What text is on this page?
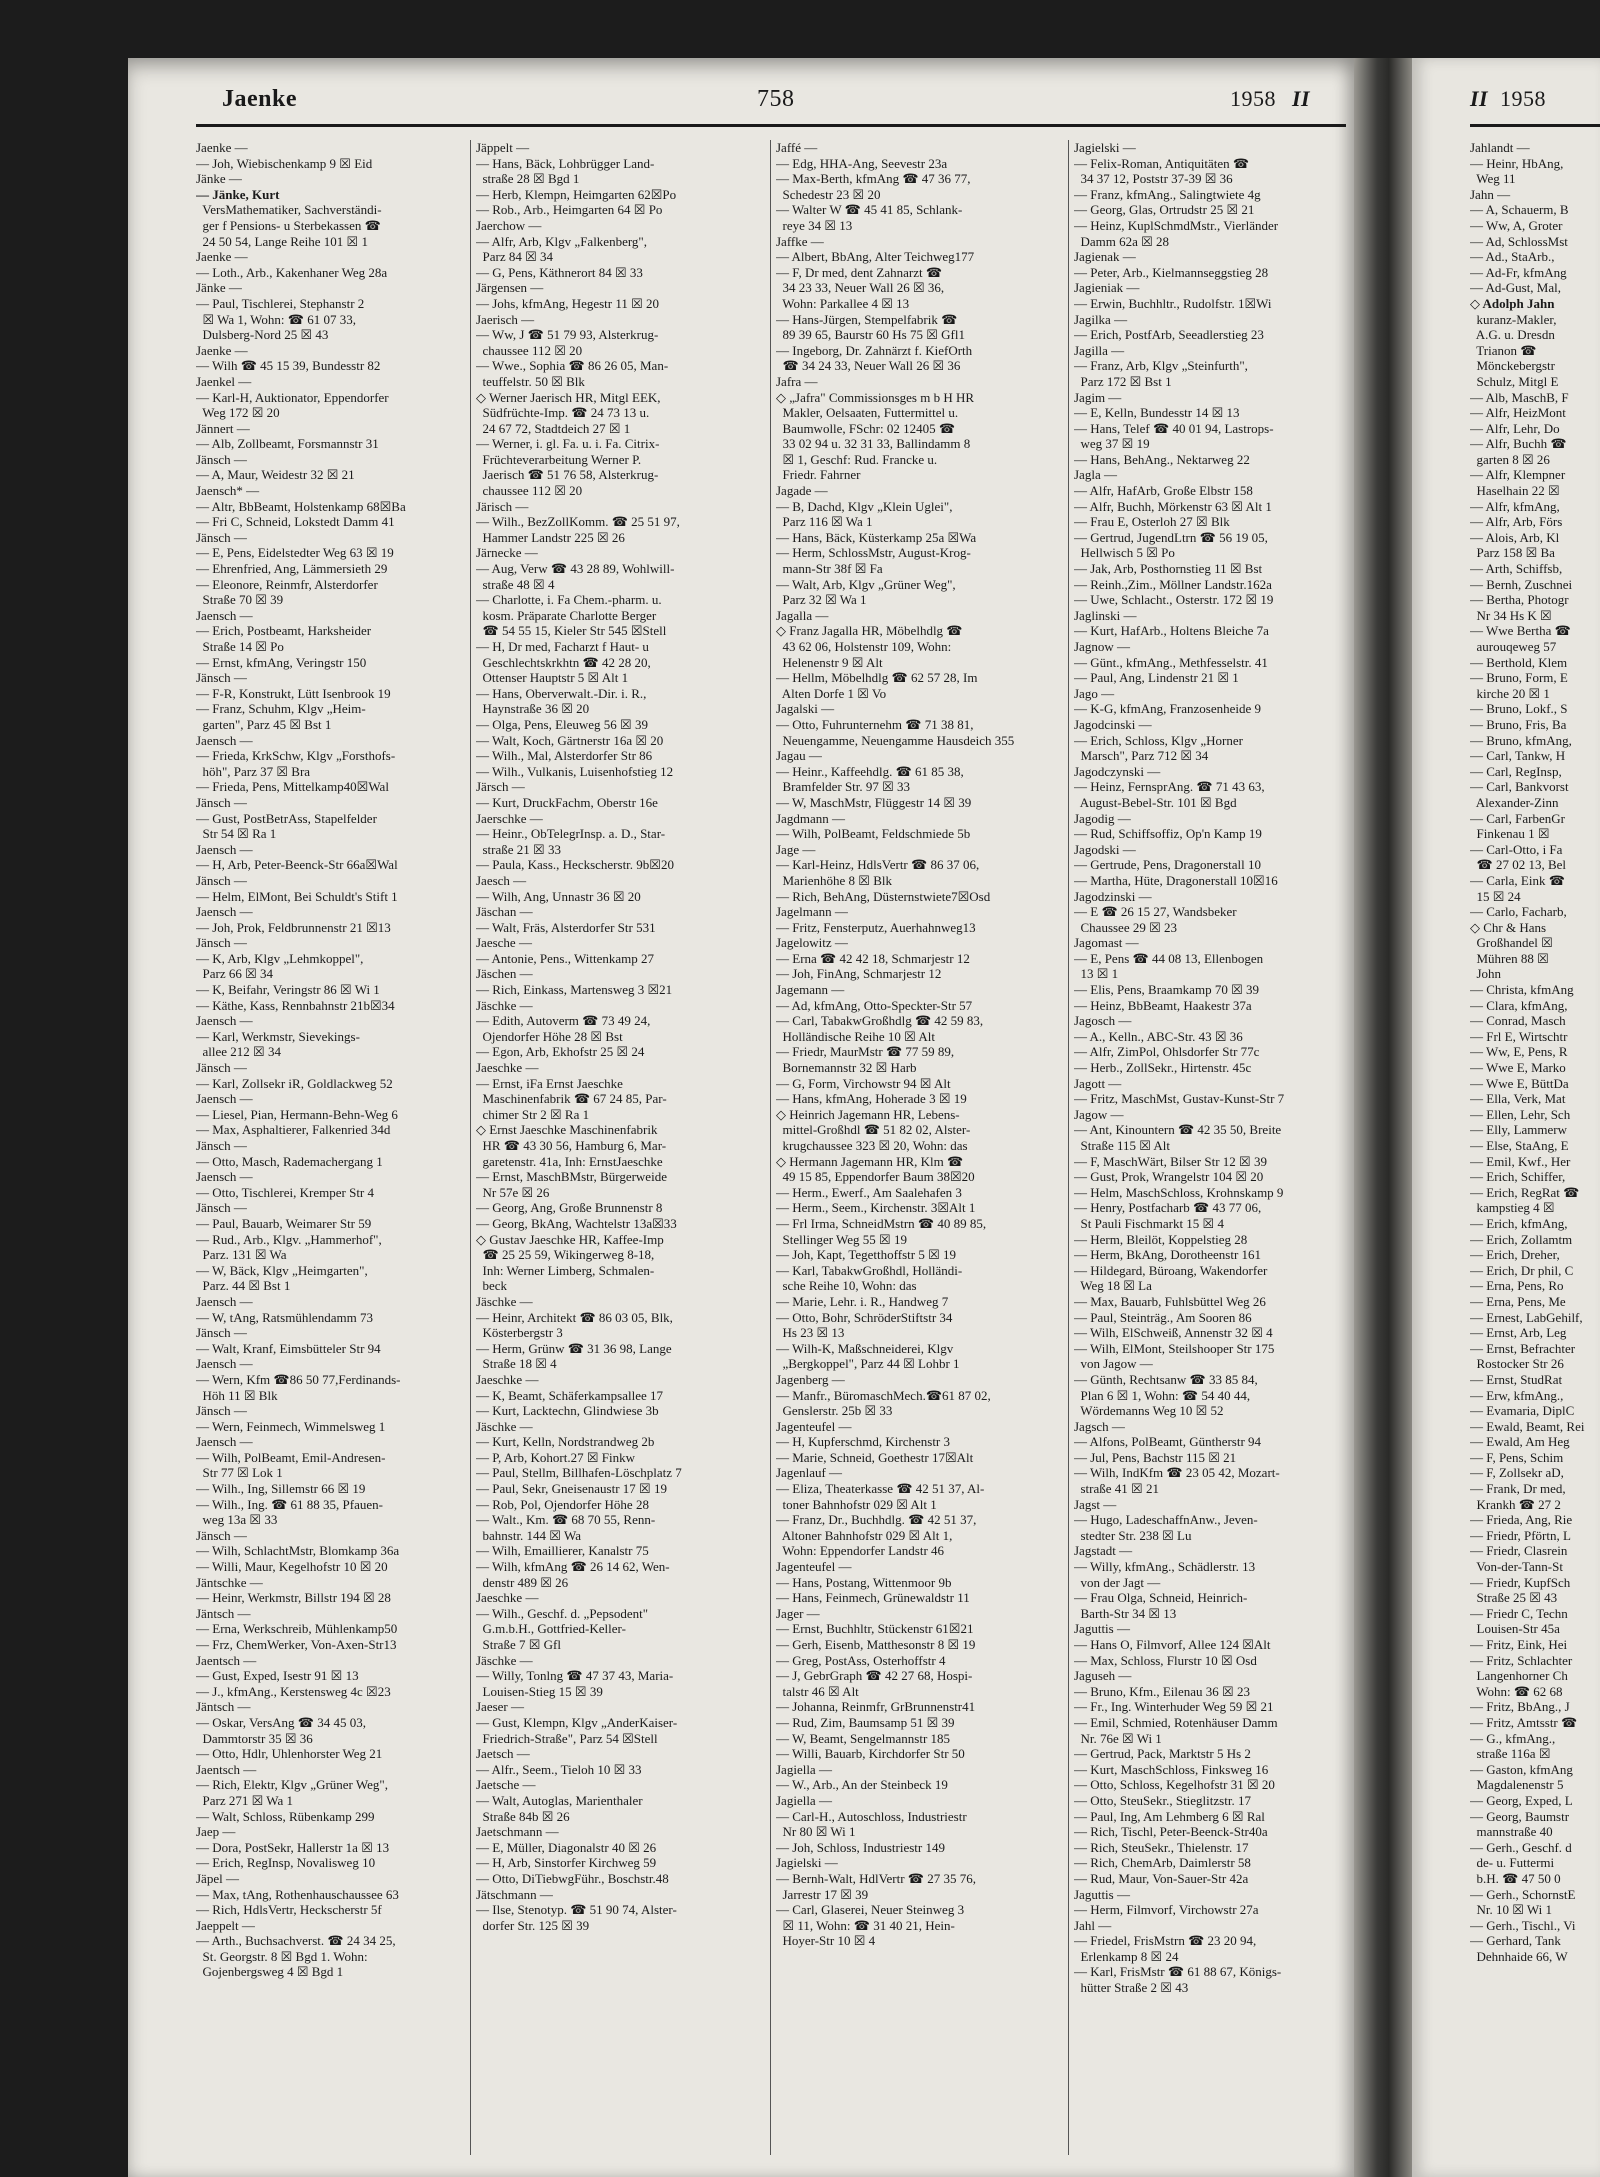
Jaenke	758	1958 II	II 1958
Jaenke —
— Joh, Wiebischenkamp 9 ☒ Eid
Jänke —
— Jänke, Kurt
VersMathematiker, Sachverständi-
ger f Pensions- u Sterbekassen ☎
24 50 54, Lange Reihe 101 ☒ 1
Jaenke —
— Loth., Arb., Kakenhaner Weg 28a
Jänke —
— Paul, Tischlerei, Stephanstr 2
☒ Wa 1, Wohn: ☎ 61 07 33,
Dulsberg-Nord 25 ☒ 43
Jaenke —
— Wilh ☎ 45 15 39, Bundesstr 82
Jaenkel —
— Karl-H, Auktionator, Eppendorfer
Weg 172 ☒ 20
Jännert —
— Alb, Zollbeamt, Forsmannstr 31
Jänsch —
— A, Maur, Weidestr 32 ☒ 21
Jaensch* —
— Altr, BbBeamt, Holstenkamp 68☒Ba
— Fri C, Schneid, Lokstedt Damm 41
Jänsch —
— E, Pens, Eidelstedter Weg 63 ☒ 19
— Ehrenfried, Ang, Lämmersieth 29
— Eleonore, Reinmfr, Alsterdorfer
Straße 70 ☒ 39
Jaensch —
— Erich, Postbeamt, Harksheider
Straße 14 ☒ Po
— Ernst, kfmAng, Veringstr 150
Jänsch —
— F-R, Konstrukt, Lütt Isenbrook 19
— Franz, Schuhm, Klgv „Heim-
garten", Parz 45 ☒ Bst 1
Jaensch —
— Frieda, KrkSchw, Klgv „Forsthofs-
höh", Parz 37 ☒ Bra
— Frieda, Pens, Mittelkamp40☒Wal
Jänsch —
— Gust, PostBetrAss, Stapelfelder
Str 54 ☒ Ra 1
Jaensch —
— H, Arb, Peter-Beenck-Str 66a☒Wal
Jänsch —
— Helm, ElMont, Bei Schuldt's Stift 1
Jaensch —
— Joh, Prok, Feldbrunnenstr 21 ☒13
Jänsch —
— K, Arb, Klgv „Lehmkoppel",
Parz 66 ☒ 34
— K, Beifahr, Veringstr 86 ☒ Wi 1
— Käthe, Kass, Rennbahnstr 21b☒34
Jaensch —
— Karl, Werkmstr, Sievekings-
allee 212 ☒ 34
Jänsch —
— Karl, Zollsekr iR, Goldlackweg 52
Jaensch —
— Liesel, Pian, Hermann-Behn-Weg 6
— Max, Asphaltierer, Falkenried 34d
Jänsch —
— Otto, Masch, Rademachergang 1
Jaensch —
— Otto, Tischlerei, Kremper Str 4
Jänsch —
— Paul, Bauarb, Weimarer Str 59
— Rud., Arb., Klgv. „Hammerhof",
Parz. 131 ☒ Wa
— W, Bäck, Klgv „Heimgarten",
Parz. 44 ☒ Bst 1
Jaensch —
— W, tAng, Ratsmühlendamm 73
Jänsch —
— Walt, Kranf, Eimsbütteler Str 94
Jaensch —
— Wern, Kfm ☎86 50 77,Ferdinands-
Höh 11 ☒ Blk
Jänsch —
— Wern, Feinmech, Wimmelsweg 1
Jaensch —
— Wilh, PolBeamt, Emil-Andresen-
Str 77 ☒ Lok 1
— Wilh., Ing, Sillemstr 66 ☒ 19
— Wilh., Ing. ☎ 61 88 35, Pfauen-
weg 13a ☒ 33
Jänsch —
— Wilh, SchlachtMstr, Blomkamp 36a
— Willi, Maur, Kegelhofstr 10 ☒ 20
Jäntschke —
— Heinr, Werkmstr, Billstr 194 ☒ 28
Jäntsch —
— Erna, Werkschreib, Mühlenkamp50
— Frz, ChemWerker, Von-Axen-Str13
Jaentsch —
— Gust, Exped, Isestr 91 ☒ 13
— J., kfmAng., Kerstensweg 4c ☒23
Jäntsch —
— Oskar, VersAng ☎ 34 45 03,
Dammtorstr 35 ☒ 36
— Otto, Hdlr, Uhlenhorster Weg 21
Jaentsch —
— Rich, Elektr, Klgv „Grüner Weg",
Parz 271 ☒ Wa 1
— Walt, Schloss, Rübenkamp 299
Jaep —
— Dora, PostSekr, Hallerstr 1a ☒ 13
— Erich, RegInsp, Novalisweg 10
Jäpel —
— Max, tAng, Rothenhauschaussee 63
— Rich, HdlsVertr, Heckscherstr 5f
Jaeppelt —
— Arth., Buchsachverst. ☎ 24 34 25,
St. Georgstr. 8 ☒ Bgd 1. Wohn:
Gojenbergsweg 4 ☒ Bgd 1
Jäppelt —
— Hans, Bäck, Lohbrügger Land-
straße 28 ☒ Bgd 1
— Herb, Klempn, Heimgarten 62☒Po
— Rob., Arb., Heimgarten 64 ☒ Po
Jaerchow —
— Alfr, Arb, Klgv „Falkenberg",
Parz 84 ☒ 34
— G, Pens, Käthnerort 84 ☒ 33
Järgensen —
— Johs, kfmAng, Hegestr 11 ☒ 20
Jaerisch —
— Ww, J ☎ 51 79 93, Alsterkrug-
chaussee 112 ☒ 20
— Wwe., Sophia ☎ 86 26 05, Man-
teuffelstr. 50 ☒ Blk
◇ Werner Jaerisch HR, Mitgl EEK,
Südfrüchte-Imp. ☎ 24 73 13 u.
24 67 72, Stadtdeich 27 ☒ 1
— Werner, i. gl. Fa. u. i. Fa. Citrix-
Früchteverarbeitung Werner P.
Jaerisch ☎ 51 76 58, Alsterkrug-
chaussee 112 ☒ 20
Järisch —
— Wilh., BezZollKomm. ☎ 25 51 97,
Hammer Landstr 225 ☒ 26
Järnecke —
— Aug, Verw ☎ 43 28 89, Wohlwill-
straße 48 ☒ 4
— Charlotte, i. Fa Chem.-pharm. u.
kosm. Präparate Charlotte Berger
☎ 54 55 15, Kieler Str 545 ☒Stell
— H, Dr med, Facharzt f Haut- u
Geschlechtskrkhtn ☎ 42 28 20,
Ottenser Hauptstr 5 ☒ Alt 1
— Hans, Oberverwalt.-Dir. i. R.,
Haynstraße 36 ☒ 20
— Olga, Pens, Eleuweg 56 ☒ 39
— Walt, Koch, Gärtnerstr 16a ☒ 20
— Wilh., Mal, Alsterdorfer Str 86
— Wilh., Vulkanis, Luisenhofstieg 12
Järsch —
— Kurt, DruckFachm, Oberstr 16e
Jaerschke —
— Heinr., ObTelegrInsp. a. D., Star-
straße 21 ☒ 33
— Paula, Kass., Heckscherstr. 9b☒20
Jaesch —
— Wilh, Ang, Unnastr 36 ☒ 20
Jäschan —
— Walt, Fräs, Alsterdorfer Str 531
Jaesche —
— Antonie, Pens., Wittenkamp 27
Jäschen —
— Rich, Einkass, Martensweg 3 ☒21
Jäschke —
— Edith, Autoverm ☎ 73 49 24,
Ojendorfer Höhe 28 ☒ Bst
— Egon, Arb, Ekhofstr 25 ☒ 24
Jaeschke —
— Ernst, iFa Ernst Jaeschke
Maschinenfabrik ☎ 67 24 85, Par-
chimer Str 2 ☒ Ra 1
◇ Ernst Jaeschke Maschinenfabrik
HR ☎ 43 30 56, Hamburg 6, Mar-
garetenstr. 41a, Inh: ErnstJaeschke
— Ernst, MaschBMstr, Bürgerweide
Nr 57e ☒ 26
— Georg, Ang, Große Brunnenstr 8
— Georg, BkAng, Wachtelstr 13a☒33
◇ Gustav Jaeschke HR, Kaffee-Imp
☎ 25 25 59, Wikingerweg 8-18,
Inh: Werner Limberg, Schmalen-
beck
Jäschke —
— Heinr, Architekt ☎ 86 03 05, Blk,
Kösterbergstr 3
— Herm, Grünw ☎ 31 36 98, Lange
Straße 18 ☒ 4
Jaeschke —
— K, Beamt, Schäferkampsallee 17
— Kurt, Lacktechn, Glindwiese 3b
Jäschke —
— Kurt, Kelln, Nordstrandweg 2b
— P, Arb, Kohort.27 ☒ Finkw
— Paul, Stellm, Billhafen-Löschplatz 7
— Paul, Sekr, Gneisenaustr 17 ☒ 19
— Rob, Pol, Ojendorfer Höhe 28
— Walt., Km. ☎ 68 70 55, Renn-
bahnstr. 144 ☒ Wa
— Wilh, Emaillierer, Kanalstr 75
— Wilh, kfmAng ☎ 26 14 62, Wen-
denstr 489 ☒ 26
Jaeschke —
— Wilh., Geschf. d. „Pepsodent"
G.m.b.H., Gottfried-Keller-
Straße 7 ☒ Gfl
Jäschke —
— Willy, Tonlng ☎ 47 37 43, Maria-
Louisen-Stieg 15 ☒ 39
Jaeser —
— Gust, Klempn, Klgv „AnderKaiser-
Friedrich-Straße", Parz 54 ☒Stell
Jaetsch —
— Alfr., Seem., Tieloh 10 ☒ 33
Jaetsche —
— Walt, Autoglas, Marienthaler
Straße 84b ☒ 26
Jaetschmann —
— E, Müller, Diagonalstr 40 ☒ 26
— H, Arb, Sinstorfer Kirchweg 59
— Otto, DiTiebwgFühr., Boschstr.48
Jätschmann —
— Ilse, Stenotyp. ☎ 51 90 74, Alster-
dorfer Str. 125 ☒ 39
Jaffé —
— Edg, HHA-Ang, Seevestr 23a
— Max-Berth, kfmAng ☎ 47 36 77,
Schedestr 23 ☒ 20
— Walter W ☎ 45 41 85, Schlank-
reye 34 ☒ 13
Jaffke —
— Albert, BbAng, Alter Teichweg177
— F, Dr med, dent Zahnarzt ☎
34 23 33, Neuer Wall 26 ☒ 36,
Wohn: Parkallee 4 ☒ 13
— Hans-Jürgen, Stempelfabrik ☎
89 39 65, Baurstr 60 Hs 75 ☒ Gfl1
— Ingeborg, Dr. Zahnärzt f. KiefOrth
☎ 34 24 33, Neuer Wall 26 ☒ 36
Jafra —
◇ „Jafra" Commissionsges m b H HR
Makler, Oelsaaten, Futtermittel u.
Baumwolle, FSchr: 02 12405 ☎
33 02 94 u. 32 31 33, Ballindamm 8
☒ 1, Geschf: Rud. Francke u.
Friedr. Fahrner
Jagade —
— B, Dachd, Klgv „Klein Uglei",
Parz 116 ☒ Wa 1
— Hans, Bäck, Küsterkamp 25a ☒Wa
— Herm, SchlossMstr, August-Krog-
mann-Str 38f ☒ Fa
— Walt, Arb, Klgv „Grüner Weg",
Parz 32 ☒ Wa 1
Jagalla —
◇ Franz Jagalla HR, Möbelhdlg ☎
43 62 06, Holstenstr 109, Wohn:
Helenenstr 9 ☒ Alt
— Hellm, Möbelhdlg ☎ 62 57 28, Im
Alten Dorfe 1 ☒ Vo
Jagalski —
— Otto, Fuhrunternehm ☎ 71 38 81,
Neuengamme, Neuengamme Hausdeich 355
Jagau —
— Heinr., Kaffeehdlg. ☎ 61 85 38,
Bramfelder Str. 97 ☒ 33
— W, MaschMstr, Flüggestr 14 ☒ 39
Jagdmann —
— Wilh, PolBeamt, Feldschmiede 5b
Jage —
— Karl-Heinz, HdlsVertr ☎ 86 37 06,
Marienhöhe 8 ☒ Blk
— Rich, BehAng, Düsternstwiete7☒Osd
Jagelmann —
— Fritz, Fensterputz, Auerhahnweg13
Jagelowitz —
— Erna ☎ 42 42 18, Schmarjestr 12
— Joh, FinAng, Schmarjestr 12
Jagemann —
— Ad, kfmAng, Otto-Speckter-Str 57
— Carl, TabakwGroßhdlg ☎ 42 59 83,
Holländische Reihe 10 ☒ Alt
— Friedr, MaurMstr ☎ 77 59 89,
Bornemannstr 32 ☒ Harb
— G, Form, Virchowstr 94 ☒ Alt
— Hans, kfmAng, Hoherade 3 ☒ 19
◇ Heinrich Jagemann HR, Lebens-
mittel-Großhdl ☎ 51 82 02, Alster-
krugchaussee 323 ☒ 20, Wohn: das
◇ Hermann Jagemann HR, Klm ☎
49 15 85, Eppendorfer Baum 38☒20
— Herm., Ewerf., Am Saalehafen 3
— Herm., Seem., Kirchenstr. 3☒Alt 1
— Frl Irma, SchneidMstrn ☎ 40 89 85,
Stellinger Weg 55 ☒ 19
— Joh, Kapt, Tegetthoffstr 5 ☒ 19
— Karl, TabakwGroßhdl, Holländi-
sche Reihe 10, Wohn: das
— Marie, Lehr. i. R., Handweg 7
— Otto, Bohr, SchröderStiftstr 34
Hs 23 ☒ 13
— Wilh-K, Maßschneiderei, Klgv
„Bergkoppel", Parz 44 ☒ Lohbr 1
Jagenberg —
— Manfr., BüromaschMech.☎61 87 02,
Genslerstr. 25b ☒ 33
Jagenteufel —
— H, Kupferschmd, Kirchenstr 3
— Marie, Schneid, Goethestr 17☒Alt
Jagenlauf —
— Eliza, Theaterkasse ☎ 42 51 37, Al-
toner Bahnhofstr 029 ☒ Alt 1
— Franz, Dr., Buchhdlg. ☎ 42 51 37,
Altoner Bahnhofstr 029 ☒ Alt 1,
Wohn: Eppendorfer Landstr 46
Jagenteufel —
— Hans, Postang, Wittenmoor 9b
— Hans, Feinmech, Grünewaldstr 11
Jager —
— Ernst, Buchhltr, Stückenstr 61☒21
— Gerh, Eisenb, Matthesonstr 8 ☒ 19
— Greg, PostAss, Osterhoffstr 4
— J, GebrGraph ☎ 42 27 68, Hospi-
talstr 46 ☒ Alt
— Johanna, Reinmfr, GrBrunnenstr41
— Rud, Zim, Baumsamp 51 ☒ 39
— W, Beamt, Sengelmannstr 185
— Willi, Bauarb, Kirchdorfer Str 50
Jagiella —
— W., Arb., An der Steinbeck 19
Jagiella —
— Carl-H., Autoschloss, Industriestr
Nr 80 ☒ Wi 1
— Joh, Schloss, Industriestr 149
Jagielski —
— Bernh-Walt, HdlVertr ☎ 27 35 76,
Jarrestr 17 ☒ 39
— Carl, Glaserei, Neuer Steinweg 3
☒ 11, Wohn: ☎ 31 40 21, Hein-
Hoyer-Str 10 ☒ 4
Jagielski —
— Felix-Roman, Antiquitäten ☎
34 37 12, Poststr 37-39 ☒ 36
— Franz, kfmAng., Salingtwiete 4g
— Georg, Glas, Ortrudstr 25 ☒ 21
— Heinz, KuplSchmdMstr., Vierländer
Damm 62a ☒ 28
Jagienak —
— Peter, Arb., Kielmannseggstieg 28
Jagieniak —
— Erwin, Buchhltr., Rudolfstr. 1☒Wi
Jagilka —
— Erich, PostfArb, Seeadlerstieg 23
Jagilla —
— Franz, Arb, Klgv „Steinfurth",
Parz 172 ☒ Bst 1
Jagim —
— E, Kelln, Bundesstr 14 ☒ 13
— Hans, Telef ☎ 40 01 94, Lastrops-
weg 37 ☒ 19
— Hans, BehAng., Nektarweg 22
Jagla —
— Alfr, HafArb, Große Elbstr 158
— Alfr, Buchh, Mörkenstr 63 ☒ Alt 1
— Frau E, Osterloh 27 ☒ Blk
— Gertrud, JugendLtrn ☎ 56 19 05,
Hellwisch 5 ☒ Po
— Jak, Arb, Posthornstieg 11 ☒ Bst
— Reinh.,Zim., Möllner Landstr.162a
— Uwe, Schlacht., Osterstr. 172 ☒ 19
Jaglinski —
— Kurt, HafArb., Holtens Bleiche 7a
Jagnow —
— Günt., kfmAng., Methfesselstr. 41
— Paul, Ang, Lindenstr 21 ☒ 1
Jago —
— K-G, kfmAng, Franzosenheide 9
Jagodcinski —
— Erich, Schloss, Klgv „Horner
Marsch", Parz 712 ☒ 34
Jagodczynski —
— Heinz, FernsprAng. ☎ 71 43 63,
August-Bebel-Str. 101 ☒ Bgd
Jagodig —
— Rud, Schiffsoffiz, Op'n Kamp 19
Jagodski —
— Gertrude, Pens, Dragonerstall 10
— Martha, Hüte, Dragonerstall 10☒16
Jagodzinski —
— E ☎ 26 15 27, Wandsbeker
Chaussee 29 ☒ 23
Jagomast —
— E, Pens ☎ 44 08 13, Ellenbogen
13 ☒ 1
— Elis, Pens, Braamkamp 70 ☒ 39
— Heinz, BbBeamt, Haakestr 37a
Jagosch —
— A., Kelln., ABC-Str. 43 ☒ 36
— Alfr, ZimPol, Ohlsdorfer Str 77c
— Herb., ZollSekr., Hirtenstr. 45c
Jagott —
— Fritz, MaschMst, Gustav-Kunst-Str 7
Jagow —
— Ant, Kinountern ☎ 42 35 50, Breite
Straße 115 ☒ Alt
— F, MaschWärt, Bilser Str 12 ☒ 39
— Gust, Prok, Wrangelstr 104 ☒ 20
— Helm, MaschSchloss, Krohnskamp 9
— Henry, Postfacharb ☎ 43 77 06,
St Pauli Fischmarkt 15 ☒ 4
— Herm, Bleilöt, Koppelstieg 28
— Herm, BkAng, Dorotheenstr 161
— Hildegard, Büroang, Wakendorfer
Weg 18 ☒ La
— Max, Bauarb, Fuhlsbüttel Weg 26
— Paul, Steinträg., Am Sooren 86
— Wilh, ElSchweiß, Annenstr 32 ☒ 4
— Wilh, ElMont, Steilshooper Str 175
von Jagow —
— Günth, Rechtsanw ☎ 33 85 84,
Plan 6 ☒ 1, Wohn: ☎ 54 40 44,
Wördemanns Weg 10 ☒ 52
Jagsch —
— Alfons, PolBeamt, Güntherstr 94
— Jul, Pens, Bachstr 115 ☒ 21
— Wilh, IndKfm ☎ 23 05 42, Mozart-
straße 41 ☒ 21
Jagst —
— Hugo, LadeschaffnAnw., Jeven-
stedter Str. 238 ☒ Lu
Jagstadt —
— Willy, kfmAng., Schädlerstr. 13
von der Jagt —
— Frau Olga, Schneid, Heinrich-
Barth-Str 34 ☒ 13
Jaguttis —
— Hans O, Filmvorf, Allee 124 ☒Alt
— Max, Schloss, Flurstr 10 ☒ Osd
Jaguseh —
— Bruno, Kfm., Eilenau 36 ☒ 23
— Fr., Ing. Winterhuder Weg 59 ☒ 21
— Emil, Schmied, Rotenhäuser Damm
Nr. 76e ☒ Wi 1
— Gertrud, Pack, Marktstr 5 Hs 2
— Kurt, MaschSchloss, Finksweg 16
— Otto, Schloss, Kegelhofstr 31 ☒ 20
— Otto, SteuSekr., Stieglitzstr. 17
— Paul, Ing, Am Lehmberg 6 ☒ Ral
— Rich, Tischl, Peter-Beenck-Str40a
— Rich, SteuSekr., Thielenstr. 17
— Rich, ChemArb, Daimlerstr 58
— Rud, Maur, Von-Sauer-Str 42a
Jaguttis —
— Herm, Filmvorf, Virchowstr 27a
Jahl —
— Friedel, FrisMstrn ☎ 23 20 94,
Erlenkamp 8 ☒ 24
— Karl, FrisMstr ☎ 61 88 67, Königs-
hütter Straße 2 ☒ 43
Jahlandt —
— Heinr, HbAng,
Weg 11
Jahn —
— A, Schauerm, B
— Ww, A, Groter
— Ad, SchlossMst
— Ad., StaArb.,
— Ad-Fr, kfmAng
— Ad-Gust, Mal,
◇ Adolph Jahn
kuranz-Makler,
A.G. u. Dresdn
Trianon ☎
Mönckebergstr
Schulz, Mitgl E
— Alb, MaschB, F
— Alfr, HeizMont
— Alfr, Lehr, Do
— Alfr, Buchh ☎
garten 8 ☒ 26
— Alfr, Klempner
Haselhain 22 ☒
— Alfr, kfmAng,
— Alfr, Arb, Förs
— Alois, Arb, Kl
Parz 158 ☒ Ba
— Arth, Schiffsb,
— Bernh, Zuschnei
— Bertha, Photogr
Nr 34 Hs K ☒
— Wwe Bertha ☎
aurouqeweg 57
— Berthold, Klem
— Bruno, Form, E
kirche 20 ☒ 1
— Bruno, Lokf., S
— Bruno, Fris, Ba
— Bruno, kfmAng,
— Carl, Tankw, H
— Carl, RegInsp,
— Carl, Bankvorst
Alexander-Zinn
— Carl, FarbenGr
Finkenau 1 ☒
— Carl-Otto, i Fa
☎ 27 02 13, Bel
— Carla, Eink ☎
15 ☒ 24
— Carlo, Facharb,
◇ Chr & Hans
Großhandel ☒
Mühren 88 ☒
John
— Christa, kfmAng
— Clara, kfmAng,
— Conrad, Masch
— Frl E, Wirtschtr
— Ww, E, Pens, R
— Wwe E, Marko
— Wwe E, BüttDa
— Ella, Verk, Mat
— Ellen, Lehr, Sch
— Elly, Lammerw
— Else, StaAng, E
— Emil, Kwf., Her
— Erich, Schiffer,
— Erich, RegRat ☎
kampstieg 4 ☒
— Erich, kfmAng,
— Erich, Zollamtm
— Erich, Dreher,
— Erich, Dr phil, C
— Erna, Pens, Ro
— Erna, Pens, Me
— Ernest, LabGehilf,
— Ernst, Arb, Leg
— Ernst, Befrachter
Rostocker Str 26
— Ernst, StudRat
— Erw, kfmAng.,
— Evamaria, DiplC
— Ewald, Beamt, Rei
— Ewald, Am Heg
— F, Pens, Schim
— F, Zollsekr aD,
— Frank, Dr med,
Krankh ☎ 27 2
— Frieda, Ang, Rie
— Friedr, Pförtn, L
— Friedr, Clasrein
Von-der-Tann-St
— Friedr, KupfSch
Straße 25 ☒ 43
— Friedr C, Techn
Louisen-Str 45a
— Fritz, Eink, Hei
— Fritz, Schlachter
Langenhorner Ch
Wohn: ☎ 62 68
— Fritz, BbAng., J
— Fritz, Amtsstr ☎
— G., kfmAng.,
straße 116a ☒
— Gaston, kfmAng
Magdalenenstr 5
— Georg, Exped, L
— Georg, Baumstr
mannstraße 40
— Gerh., Geschf. d
de- u. Futtermi
b.H. ☎ 47 50 0
— Gerh., SchornstE
Nr. 10 ☒ Wi 1
— Gerh., Tischl., Vi
— Gerhard, Tank
Dehnhaide 66, W
